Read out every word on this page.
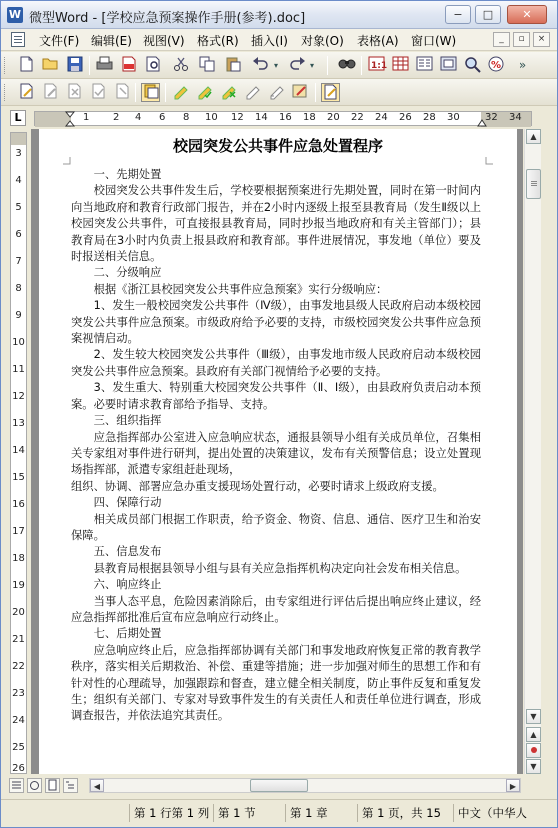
W 微型Word - [学校应急预案操作手册(参考).doc]	−	□	✕
文件(F) 编辑(E) 视图(V) 格式(R) 插入(I) 对象(O) 表格(A) 窗口(W)	_	▫	×
▾	▾	1:1	%	»
L	1 2 4 6 8 10 12 14 16 18 20 22 24 26 28 30	32 34
3
4
5
6
7
8
9
10
11
12
13
14
15
16
17
18
19
20
21
22
23
24
25
26
校园突发公共事件应急处置程序

一、先期处置

校园突发公共事件发生后，学校要根据预案进行先期处置，同时在第一时间内向当地政府和教育行政部门报告，并在2小时内逐级上报至县教育局（发生Ⅱ级以上校园突发公共事件，可直接报县教育局，同时抄报当地政府和有关主管部门）；县教育局在3小时内负责上报县政府和教育部。事件进展情况，事发地（单位）要及时报送相关信息。

二、分级响应

根据《浙江县校园突发公共事件应急预案》实行分级响应：

1、发生一般校园突发公共事件（Ⅳ级），由事发地县级人民政府启动本级校园突发公共事件应急预案。市级政府给予必要的支持，市级校园突发公共事件应急预案视情启动。

2、发生较大校园突发公共事件（Ⅲ级），由事发地市级人民政府启动本级校园突发公共事件应急预案。县政府有关部门视情给予必要的支持。

3、发生重大、特别重大校园突发公共事件（Ⅱ、Ⅰ级），由县政府负责启动本预案。必要时请求教育部给予指导、支持。

三、组织指挥

应急指挥部办公室进入应急响应状态，通报县领导小组有关成员单位，召集相关专家组对事件进行研判，提出处置的决策建议，发布有关预警信息；设立处置现场指挥部，派遣专家组赶赴现场，

组织、协调、部署应急办重支援现场处置行动，必要时请求上级政府支援。

四、保障行动

相关成员部门根据工作职责，给予资金、物资、信息、通信、医疗卫生和治安保障。

五、信息发布

县教育局根据县领导小组与县有关应急指挥机构决定向社会发布相关信息。

六、响应终止

当事人态平息，危险因素消除后，由专家组进行评估后提出响应终止建议，经应急指挥部批准后宣布应急响应行动终止。

七、后期处置

应急响应终止后，应急指挥部协调有关部门和事发地政府恢复正常的教育教学秩序，落实相关后期救治、补偿、重建等措施；进一步加强对师生的思想工作和有针对性的心理疏导，加强跟踪和督查，建立健全相关制度，防止事件反复和重复发生；组织有关部门、专家对导致事件发生的有关责任人和责任单位进行调查，形成调查报告，并依法追究其责任。

▲
▼
▲
▼
◀	▶
第 1 行第 1 列 第 1 节	第 1 章	第 1 页，共 15	中文（中华人
